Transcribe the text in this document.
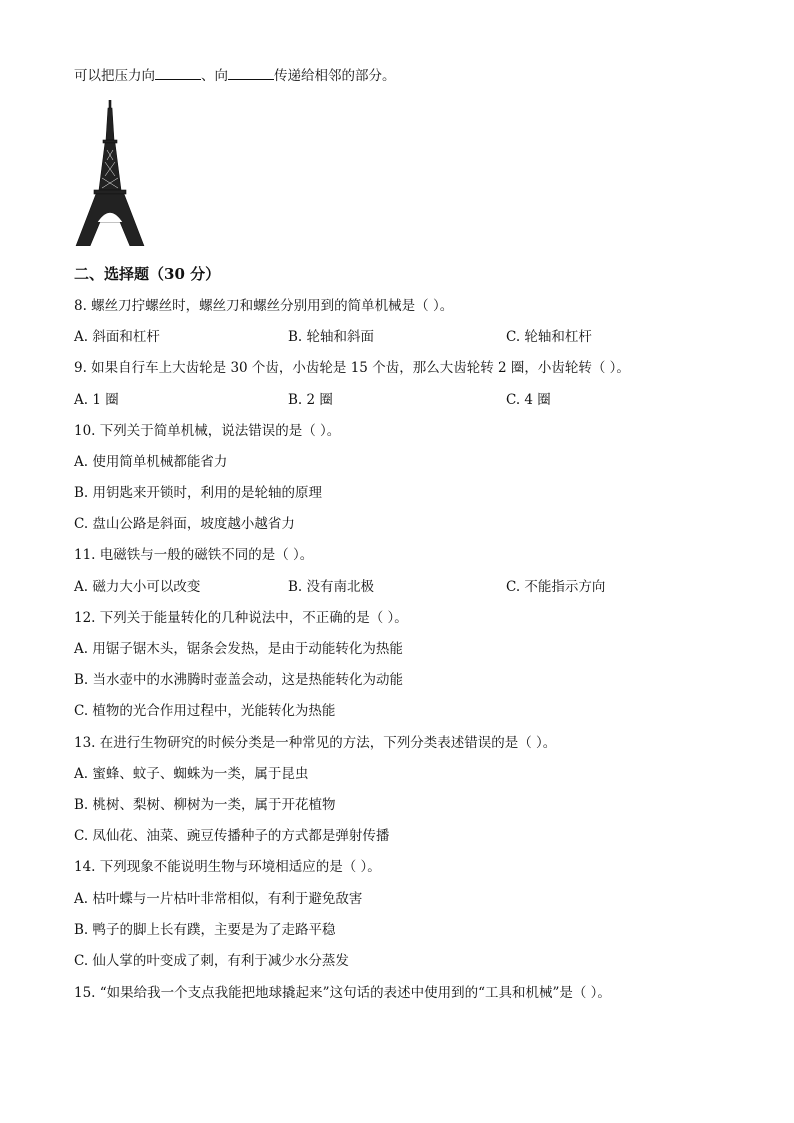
可以把压力向	、向	传递给相邻的部分。
二、选择题（30 分）
8. 螺丝刀拧螺丝时，螺丝刀和螺丝分别用到的简单机械是（ ）。
A. 斜面和杠杆	B. 轮轴和斜面	C. 轮轴和杠杆
9. 如果自行车上大齿轮是 30 个齿，小齿轮是 15 个齿，那么大齿轮转 2 圈，小齿轮转（ ）。
A. 1 圈	B. 2 圈	C. 4 圈
10. 下列关于简单机械，说法错误的是（ ）。
A. 使用简单机械都能省力
B. 用钥匙来开锁时，利用的是轮轴的原理
C. 盘山公路是斜面，坡度越小越省力
11. 电磁铁与一般的磁铁不同的是（ ）。
A. 磁力大小可以改变	B. 没有南北极	C. 不能指示方向
12. 下列关于能量转化的几种说法中，不正确的是（ ）。
A. 用锯子锯木头，锯条会发热，是由于动能转化为热能
B. 当水壶中的水沸腾时壶盖会动，这是热能转化为动能
C. 植物的光合作用过程中，光能转化为热能
13. 在进行生物研究的时候分类是一种常见的方法，下列分类表述错误的是（ ）。
A. 蜜蜂、蚊子、蜘蛛为一类，属于昆虫
B. 桃树、梨树、柳树为一类，属于开花植物
C. 凤仙花、油菜、豌豆传播种子的方式都是弹射传播
14. 下列现象不能说明生物与环境相适应的是（ ）。
A. 枯叶蝶与一片枯叶非常相似，有利于避免敌害
B. 鸭子的脚上长有蹼，主要是为了走路平稳
C. 仙人掌的叶变成了刺，有利于减少水分蒸发
15. “如果给我一个支点我能把地球撬起来”这句话的表述中使用到的“工具和机械”是（ ）。
